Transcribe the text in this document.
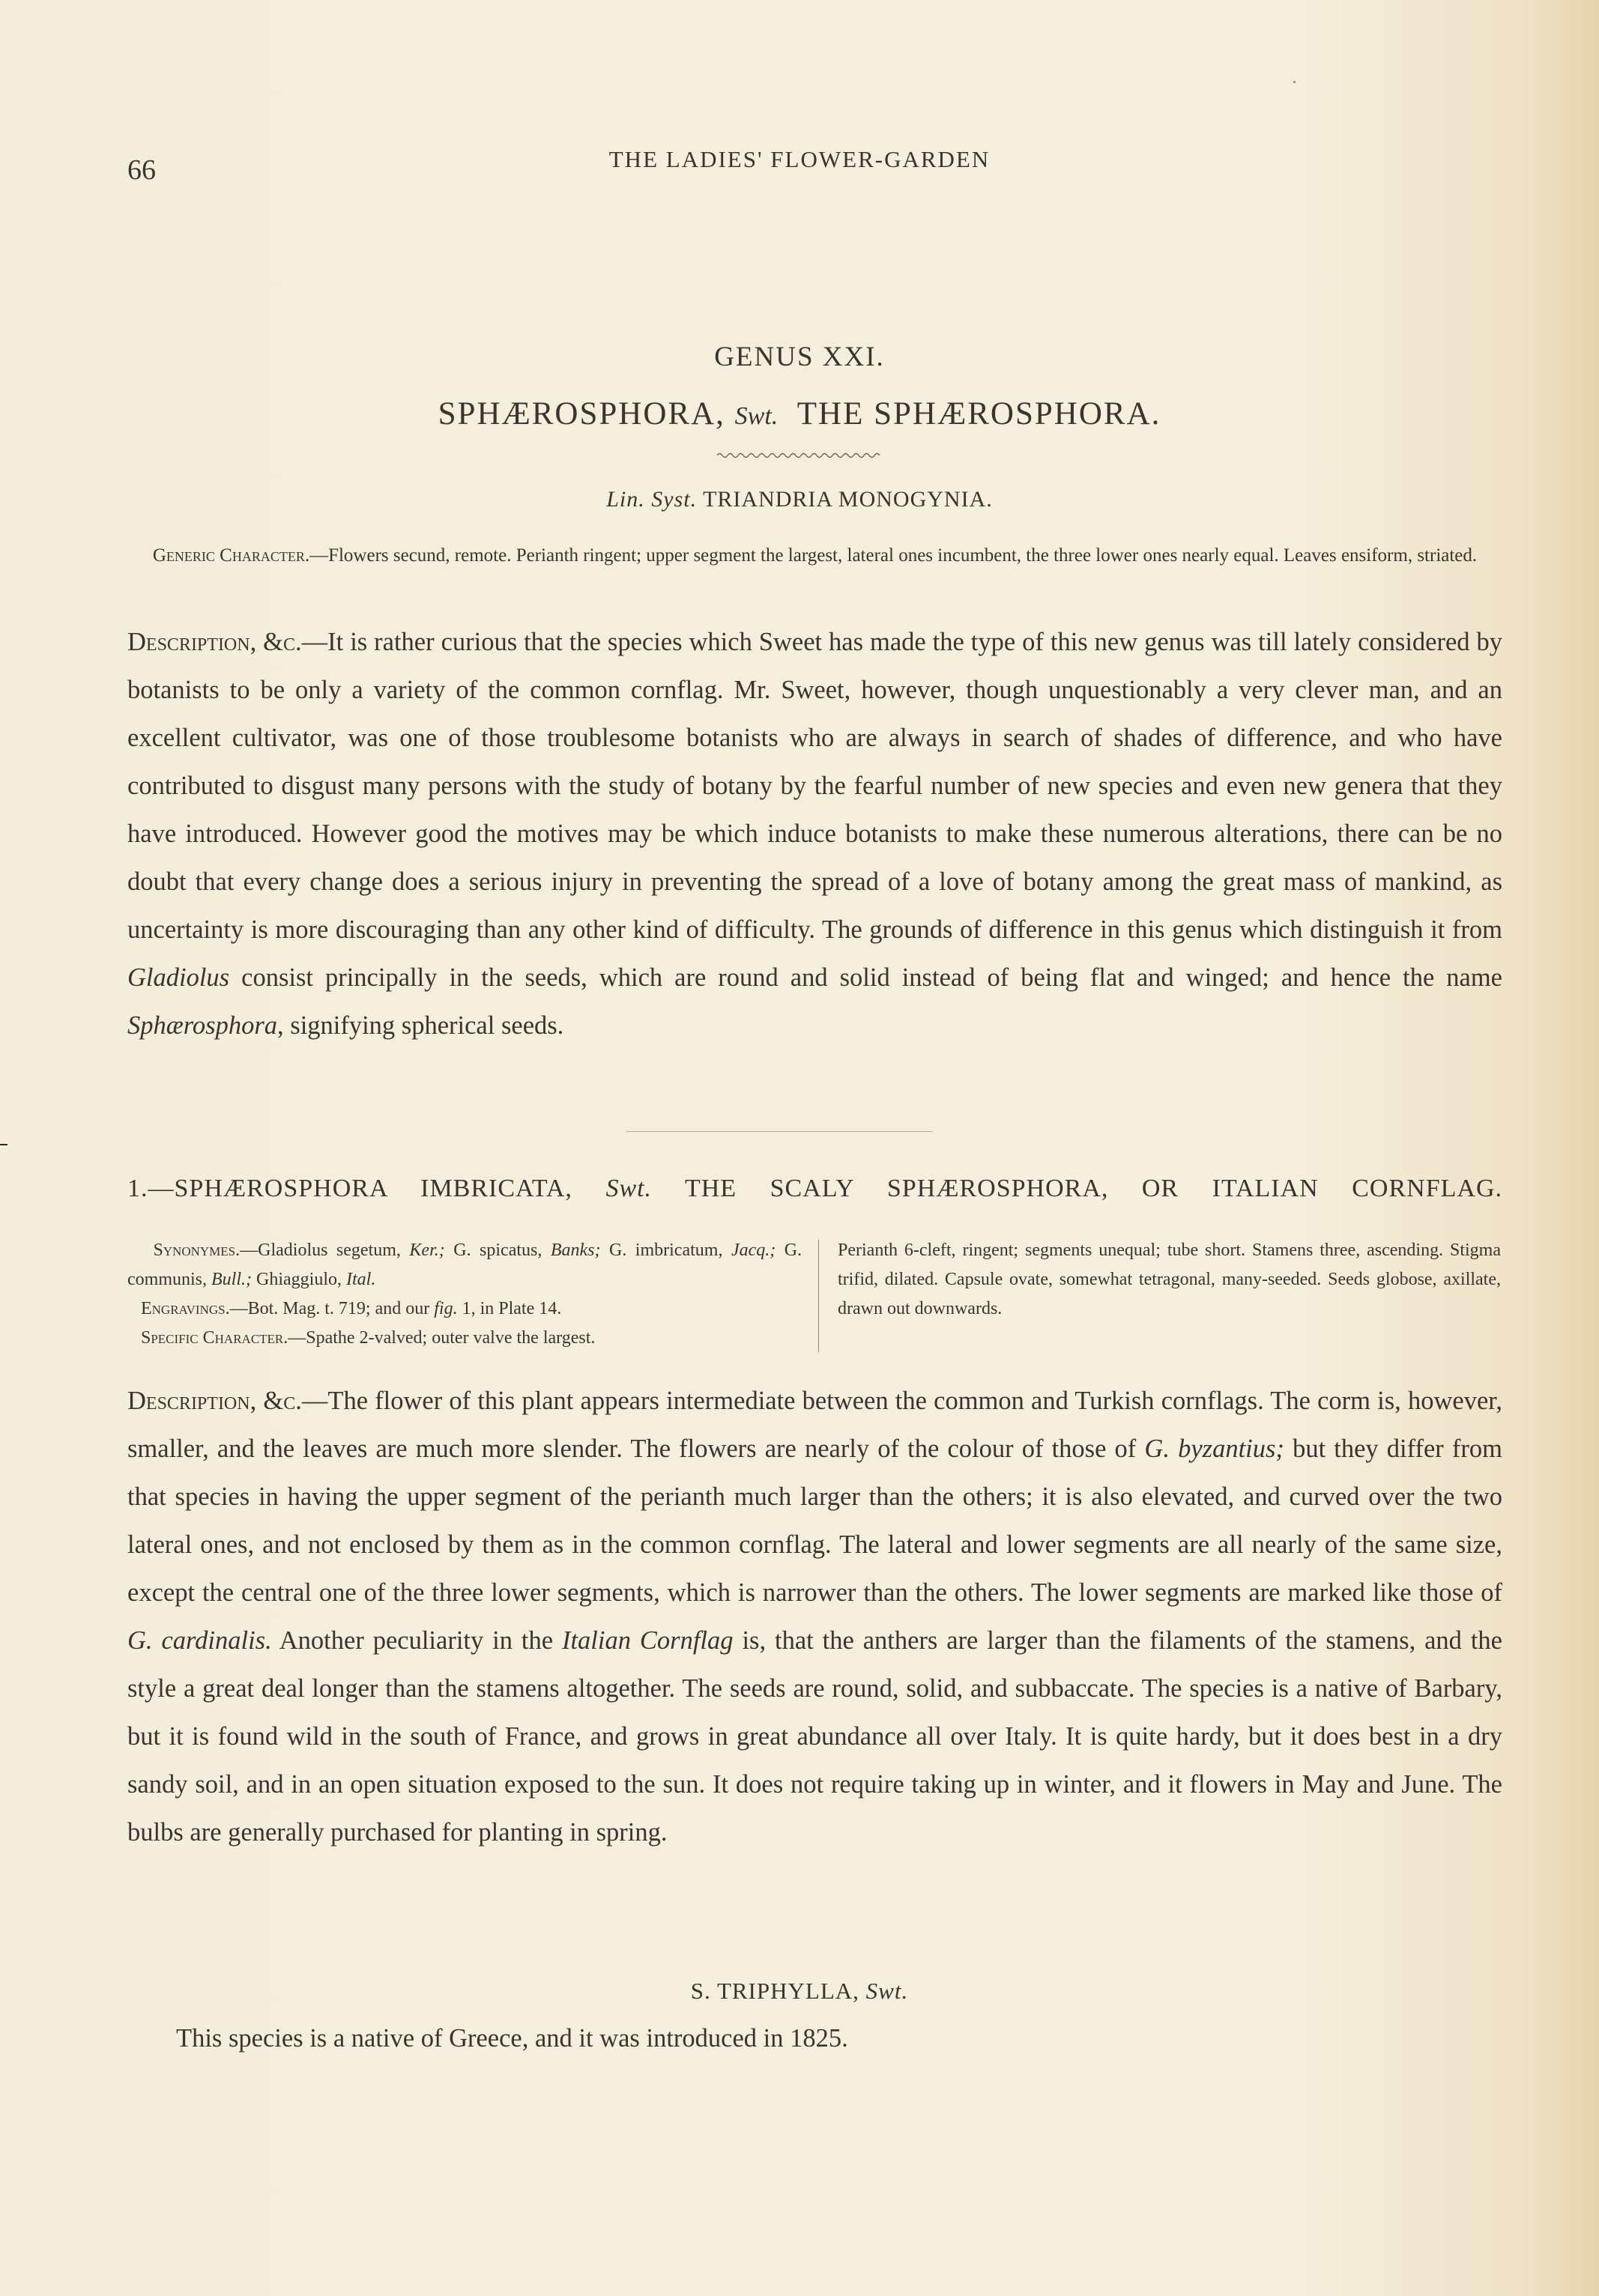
66	THE LADIES' FLOWER-GARDEN
GENUS XXI.
SPHÆROSPHORA, Swt. THE SPHÆROSPHORA.
Lin. Syst. TRIANDRIA MONOGYNIA.
Generic Character.—Flowers secund, remote. Perianth ringent; upper segment the largest, lateral ones incumbent, the three lower ones nearly equal. Leaves ensiform, striated.
Description, &c.—It is rather curious that the species which Sweet has made the type of this new genus was till lately considered by botanists to be only a variety of the common cornflag. Mr. Sweet, however, though unquestionably a very clever man, and an excellent cultivator, was one of those troublesome botanists who are always in search of shades of difference, and who have contributed to disgust many persons with the study of botany by the fearful number of new species and even new genera that they have introduced. However good the motives may be which induce botanists to make these numerous alterations, there can be no doubt that every change does a serious injury in preventing the spread of a love of botany among the great mass of mankind, as uncertainty is more discouraging than any other kind of difficulty. The grounds of difference in this genus which distinguish it from Gladiolus consist principally in the seeds, which are round and solid instead of being flat and winged; and hence the name Sphærosphora, signifying spherical seeds.
1.—SPHÆROSPHORA IMBRICATA, Swt. THE SCALY SPHÆROSPHORA, OR ITALIAN CORNFLAG.
Synonymes.—Gladiolus segetum, Ker.; G. spicatus, Banks; G. imbricatum, Jacq.; G. communis, Bull.; Ghiaggiulo, Ital.
Engravings.—Bot. Mag. t. 719; and our fig. 1, in Plate 14.
Specific Character.—Spathe 2-valved; outer valve the largest.
Perianth 6-cleft, ringent; segments unequal; tube short. Stamens three, ascending. Stigma trifid, dilated. Capsule ovate, somewhat tetragonal, many-seeded. Seeds globose, axillate, drawn out downwards.
Description, &c.—The flower of this plant appears intermediate between the common and Turkish cornflags. The corm is, however, smaller, and the leaves are much more slender. The flowers are nearly of the colour of those of G. byzantius; but they differ from that species in having the upper segment of the perianth much larger than the others; it is also elevated, and curved over the two lateral ones, and not enclosed by them as in the common cornflag. The lateral and lower segments are all nearly of the same size, except the central one of the three lower segments, which is narrower than the others. The lower segments are marked like those of G. cardinalis. Another peculiarity in the Italian Cornflag is, that the anthers are larger than the filaments of the stamens, and the style a great deal longer than the stamens altogether. The seeds are round, solid, and subbaccate. The species is a native of Barbary, but it is found wild in the south of France, and grows in great abundance all over Italy. It is quite hardy, but it does best in a dry sandy soil, and in an open situation exposed to the sun. It does not require taking up in winter, and it flowers in May and June. The bulbs are generally purchased for planting in spring.
S. TRIPHYLLA, Swt.
This species is a native of Greece, and it was introduced in 1825.
